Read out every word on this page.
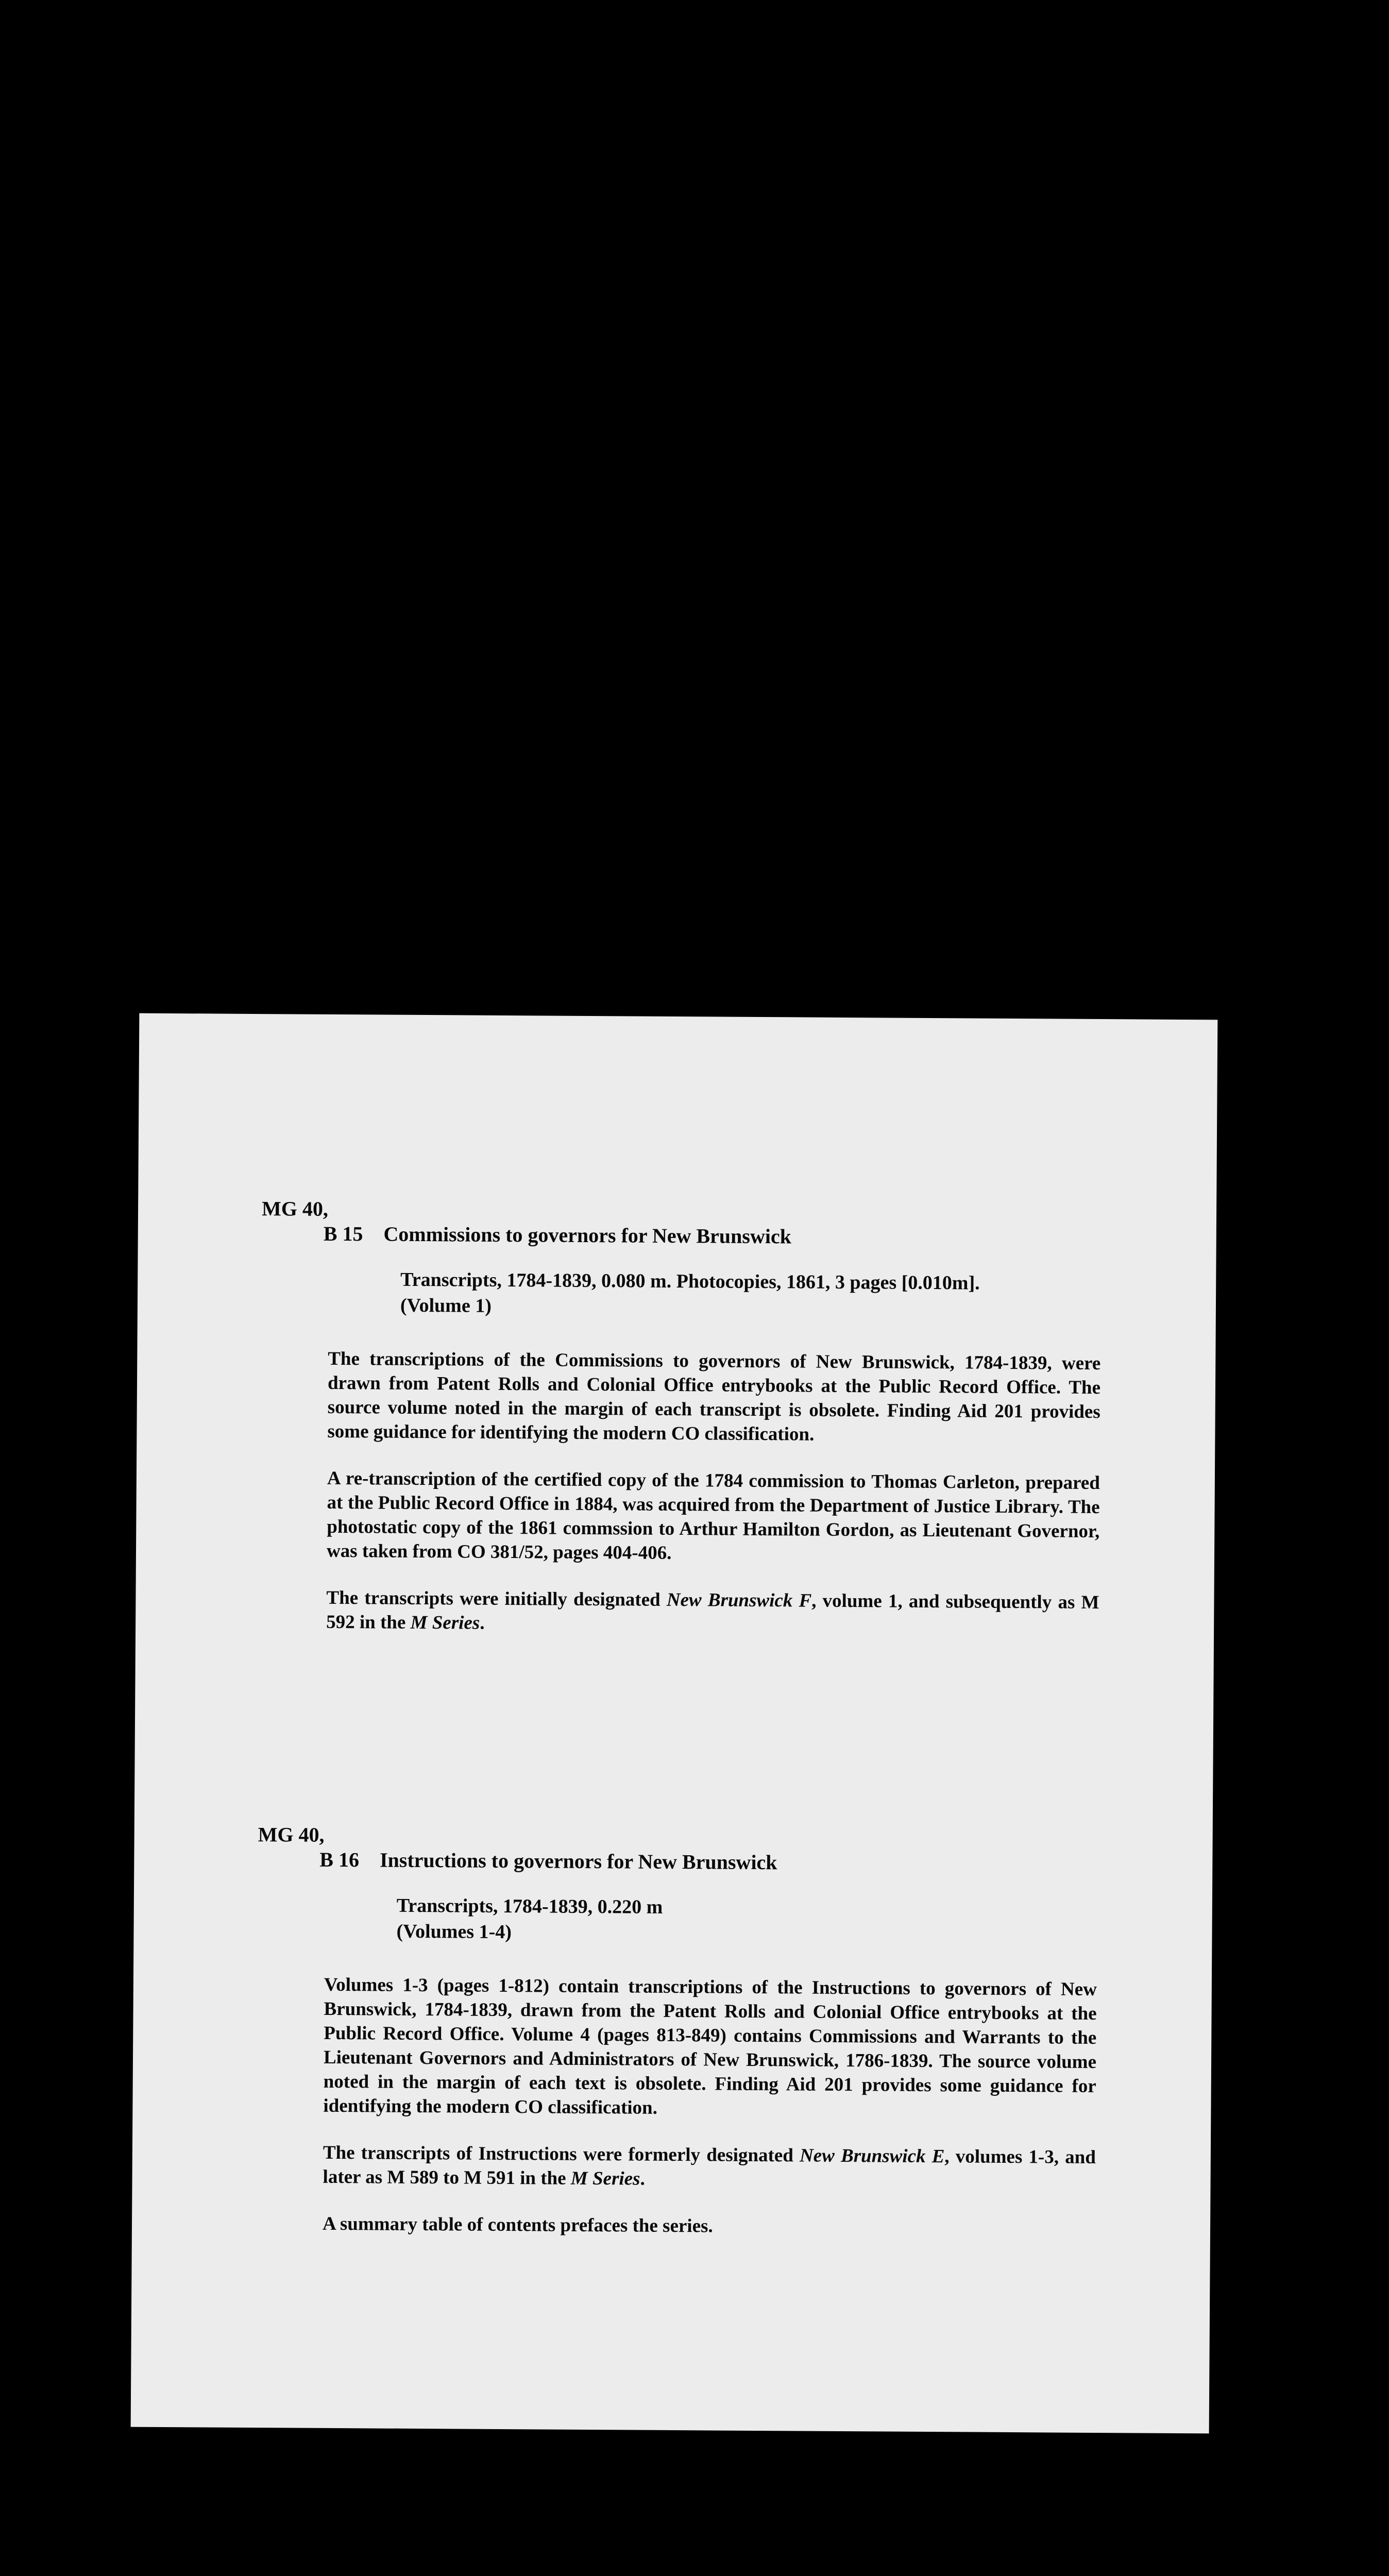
MG 40,

B 15 Commissions to governors for New Brunswick
Transcripts, 1784-1839, 0.080 m. Photocopies, 1861, 3 pages [0.010m].
(Volume 1)

The transcriptions of the Commissions to governors of New Brunswick, 1784-1839, were drawn from Patent Rolls and Colonial Office entrybooks at the Public Record Office. The source volume noted in the margin of each transcript is obsolete. Finding Aid 201 provides some guidance for identifying the modern CO classification.

A re-transcription of the certified copy of the 1784 commission to Thomas Carleton, prepared at the Public Record Office in 1884, was acquired from the Department of Justice Library. The photostatic copy of the 1861 commssion to Arthur Hamilton Gordon, as Lieutenant Governor, was taken from CO 381/52, pages 404-406.

The transcripts were initially designated New Brunswick F, volume 1, and subsequently as M 592 in the M Series.

MG 40,

B 16 Instructions to governors for New Brunswick
Transcripts, 1784-1839, 0.220 m
(Volumes 1-4)

Volumes 1-3 (pages 1-812) contain transcriptions of the Instructions to governors of New Brunswick, 1784-1839, drawn from the Patent Rolls and Colonial Office entrybooks at the Public Record Office. Volume 4 (pages 813-849) contains Commissions and Warrants to the Lieutenant Governors and Administrators of New Brunswick, 1786-1839. The source volume noted in the margin of each text is obsolete. Finding Aid 201 provides some guidance for identifying the modern CO classification.

The transcripts of Instructions were formerly designated New Brunswick E, volumes 1-3, and later as M 589 to M 591 in the M Series.

A summary table of contents prefaces the series.
